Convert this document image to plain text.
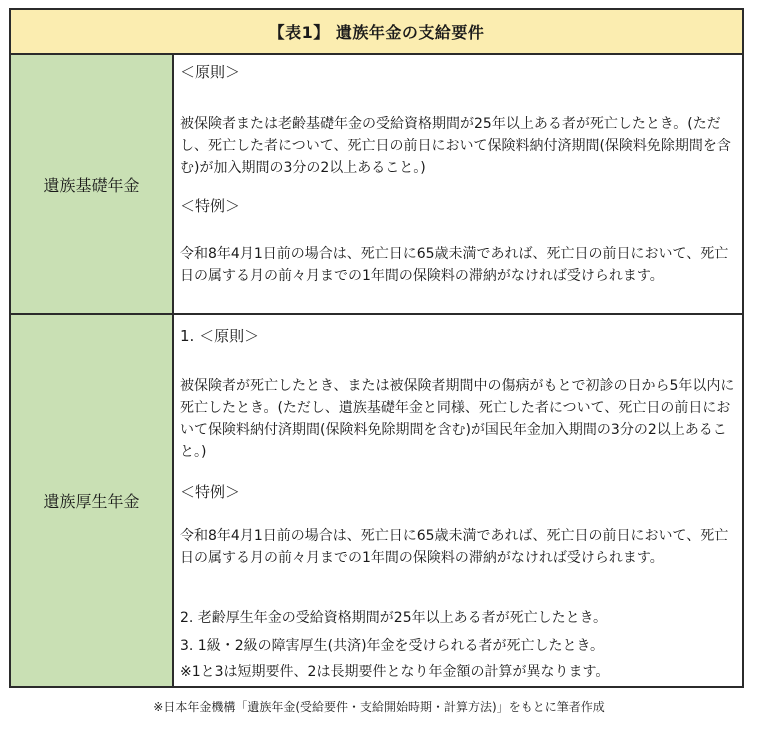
【表1】 遺族年金の支給要件
遺族基礎年金

＜原則＞

被保険者または老齢基礎年金の受給資格期間が25年以上ある者が死亡したとき。(ただし、死亡した者について、死亡日の前日において保険料納付済期間(保険料免除期間を含む)が加入期間の3分の2以上あること。)

＜特例＞

令和8年4月1日前の場合は、死亡日に65歳未満であれば、死亡日の前日において、死亡日の属する月の前々月までの1年間の保険料の滞納がなければ受けられます。

遺族厚生年金

1. ＜原則＞

被保険者が死亡したとき、または被保険者期間中の傷病がもとで初診の日から5年以内に死亡したとき。(ただし、遺族基礎年金と同様、死亡した者について、死亡日の前日において保険料納付済期間(保険料免除期間を含む)が国民年金加入期間の3分の2以上あること。)

＜特例＞

令和8年4月1日前の場合は、死亡日に65歳未満であれば、死亡日の前日において、死亡日の属する月の前々月までの1年間の保険料の滞納がなければ受けられます。

2. 老齢厚生年金の受給資格期間が25年以上ある者が死亡したとき。

3. 1級・2級の障害厚生(共済)年金を受けられる者が死亡したとき。

※1と3は短期要件、2は長期要件となり年金額の計算が異なります。

※日本年金機構「遺族年金(受給要件・支給開始時期・計算方法)」をもとに筆者作成
